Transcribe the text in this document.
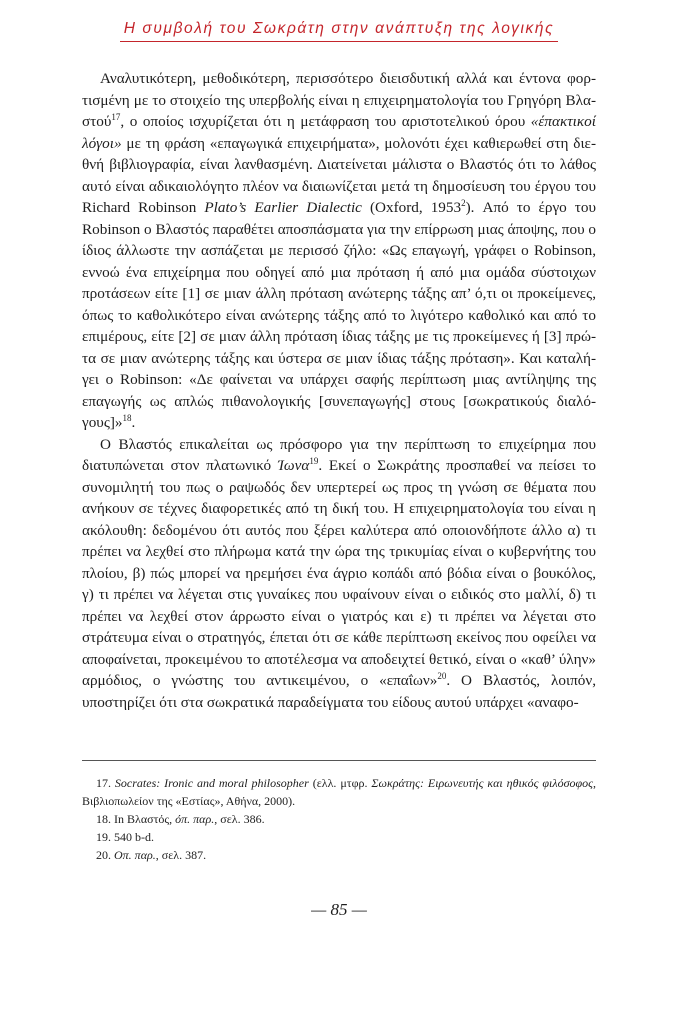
Η συμβολή του Σωκράτη στην ανάπτυξη της λογικής

Αναλυτικότερη, μεθοδικότερη, περισσότερο διεισδυτική αλλά και έντονα φορτισμένη με το στοιχείο της υπερβολής είναι η επιχειρηματολογία του Γρηγόρη Βλαστού$^{17}$, ο οποίος ισχυρίζεται ότι η μετάφραση του αριστοτελικού όρου «έπακτικοί λόγοι» με τη φράση «επαγωγικά επιχειρήματα», μολονότι έχει καθιερωθεί στη διεθνή βιβλιογραφία, είναι λανθασμένη. Διατείνεται μάλιστα ο Βλαστός ότι το λάθος αυτό είναι αδικαιολόγητο πλέον να διαιωνίζεται μετά τη δημοσίευση του έργου του Richard Robinson Plato’s Earlier Dialectic (Oxford, 1953$^2$). Από το έργο του Robinson ο Βλαστός παραθέτει αποσπάσματα για την επίρρωση μιας άποψης, που ο ίδιος άλλωστε την ασπάζεται με περισσό ζήλο: «Ως επαγωγή, γράφει ο Robinson, εννοώ ένα επιχείρημα που οδηγεί από μια πρόταση ή από μια ομάδα σύστοιχων προτάσεων είτε [1] σε μιαν άλλη πρόταση ανώτερης τάξης απ’ ό,τι οι προκείμενες, όπως το καθολικότερο είναι ανώτερης τάξης από το λιγότερο καθολικό και από το επιμέρους, είτε [2] σε μιαν άλλη πρόταση ίδιας τάξης με τις προκείμενες ή [3] πρώτα σε μιαν ανώτερης τάξης και ύστερα σε μιαν ίδιας τάξης πρόταση». Και καταλήγει ο Robinson: «Δε φαίνεται να υπάρχει σαφής περίπτωση μιας αντίληψης της επαγωγής ως απλώς πιθανολογικής [συνεπαγωγής] στους [σωκρατικούς διαλόγους]»$^{18}$.

Ο Βλαστός επικαλείται ως πρόσφορο για την περίπτωση το επιχείρημα που διατυπώνεται στον πλατωνικό Ίωνα$^{19}$. Εκεί ο Σωκράτης προσπαθεί να πείσει το συνομιλητή του πως ο ραψωδός δεν υπερτερεί ως προς τη γνώση σε θέματα που ανήκουν σε τέχνες διαφορετικές από τη δική του. Η επιχειρηματολογία του είναι η ακόλουθη: δεδομένου ότι αυτός που ξέρει καλύτερα από οποιονδήποτε άλλο α) τι πρέπει να λεχθεί στο πλήρωμα κατά την ώρα της τρικυμίας είναι ο κυβερνήτης του πλοίου, β) πώς μπορεί να ηρεμήσει ένα άγριο κοπάδι από βόδια είναι ο βουκόλος, γ) τι πρέπει να λέγεται στις γυναίκες που υφαίνουν είναι ο ειδικός στο μαλλί, δ) τι πρέπει να λεχθεί στον άρρωστο είναι ο γιατρός και ε) τι πρέπει να λέγεται στο στράτευμα είναι ο στρατηγός, έπεται ότι σε κάθε περίπτωση εκείνος που οφείλει να αποφαίνεται, προκειμένου το αποτέλεσμα να αποδειχτεί θετικό, είναι ο «καθ’ ύλην» αρμόδιος, ο γνώστης του αντικειμένου, ο «επαΐων»$^{20}$. Ο Βλαστός, λοιπόν, υποστηρίζει ότι στα σωκρατικά παραδείγματα του είδους αυτού υπάρχει «αναφο-

17. Socrates: Ironic and moral philosopher (ελλ. μτφρ. Σωκράτης: Ειρωνευτής και ηθικός φιλόσοφος, Βιβλιοπωλείον της «Εστίας», Αθήνα, 2000).

18. In Βλαστός, όπ. παρ., σελ. 386.

19. 540 b-d.

20. Οπ. παρ., σελ. 387.

— 85 —
